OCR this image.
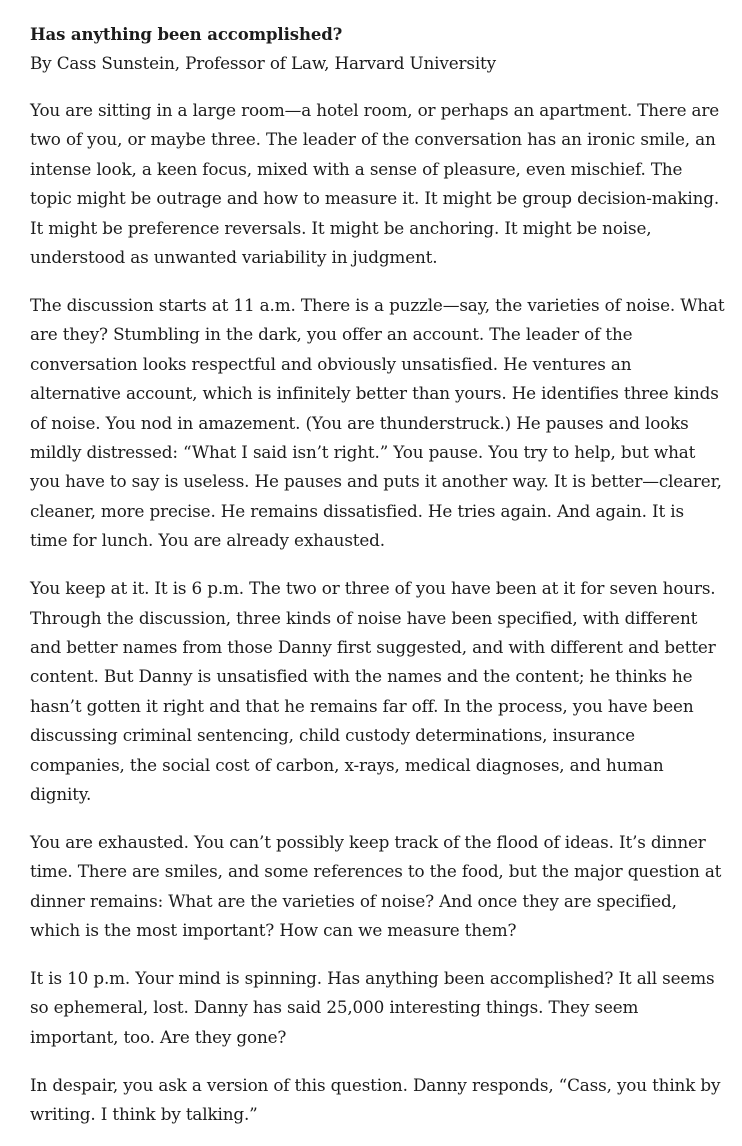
Has anything been accomplished?

By Cass Sunstein, Professor of Law, Harvard University

You are sitting in a large room—a hotel room, or perhaps an apartment. There are two of you, or maybe three. The leader of the conversation has an ironic smile, an intense look, a keen focus, mixed with a sense of pleasure, even mischief. The topic might be outrage and how to measure it. It might be group decision-making. It might be preference reversals. It might be anchoring. It might be noise, understood as unwanted variability in judgment.

The discussion starts at 11 a.m. There is a puzzle—say, the varieties of noise. What are they? Stumbling in the dark, you offer an account. The leader of the conversation looks respectful and obviously unsatisfied. He ventures an alternative account, which is infinitely better than yours. He identifies three kinds of noise. You nod in amazement. (You are thunderstruck.) He pauses and looks mildly distressed: “What I said isn’t right.” You pause. You try to help, but what you have to say is useless. He pauses and puts it another way. It is better—clearer, cleaner, more precise. He remains dissatisfied. He tries again. And again. It is time for lunch. You are already exhausted.

You keep at it. It is 6 p.m. The two or three of you have been at it for seven hours. Through the discussion, three kinds of noise have been specified, with different and better names from those Danny first suggested, and with different and better content. But Danny is unsatisfied with the names and the content; he thinks he hasn’t gotten it right and that he remains far off. In the process, you have been discussing criminal sentencing, child custody determinations, insurance companies, the social cost of carbon, x-rays, medical diagnoses, and human dignity.

You are exhausted. You can’t possibly keep track of the flood of ideas. It’s dinner time. There are smiles, and some references to the food, but the major question at dinner remains: What are the varieties of noise? And once they are specified, which is the most important? How can we measure them?

It is 10 p.m. Your mind is spinning. Has anything been accomplished? It all seems so ephemeral, lost. Danny has said 25,000 interesting things. They seem important, too. Are they gone?

In despair, you ask a version of this question. Danny responds, “Cass, you think by writing. I think by talking.”
